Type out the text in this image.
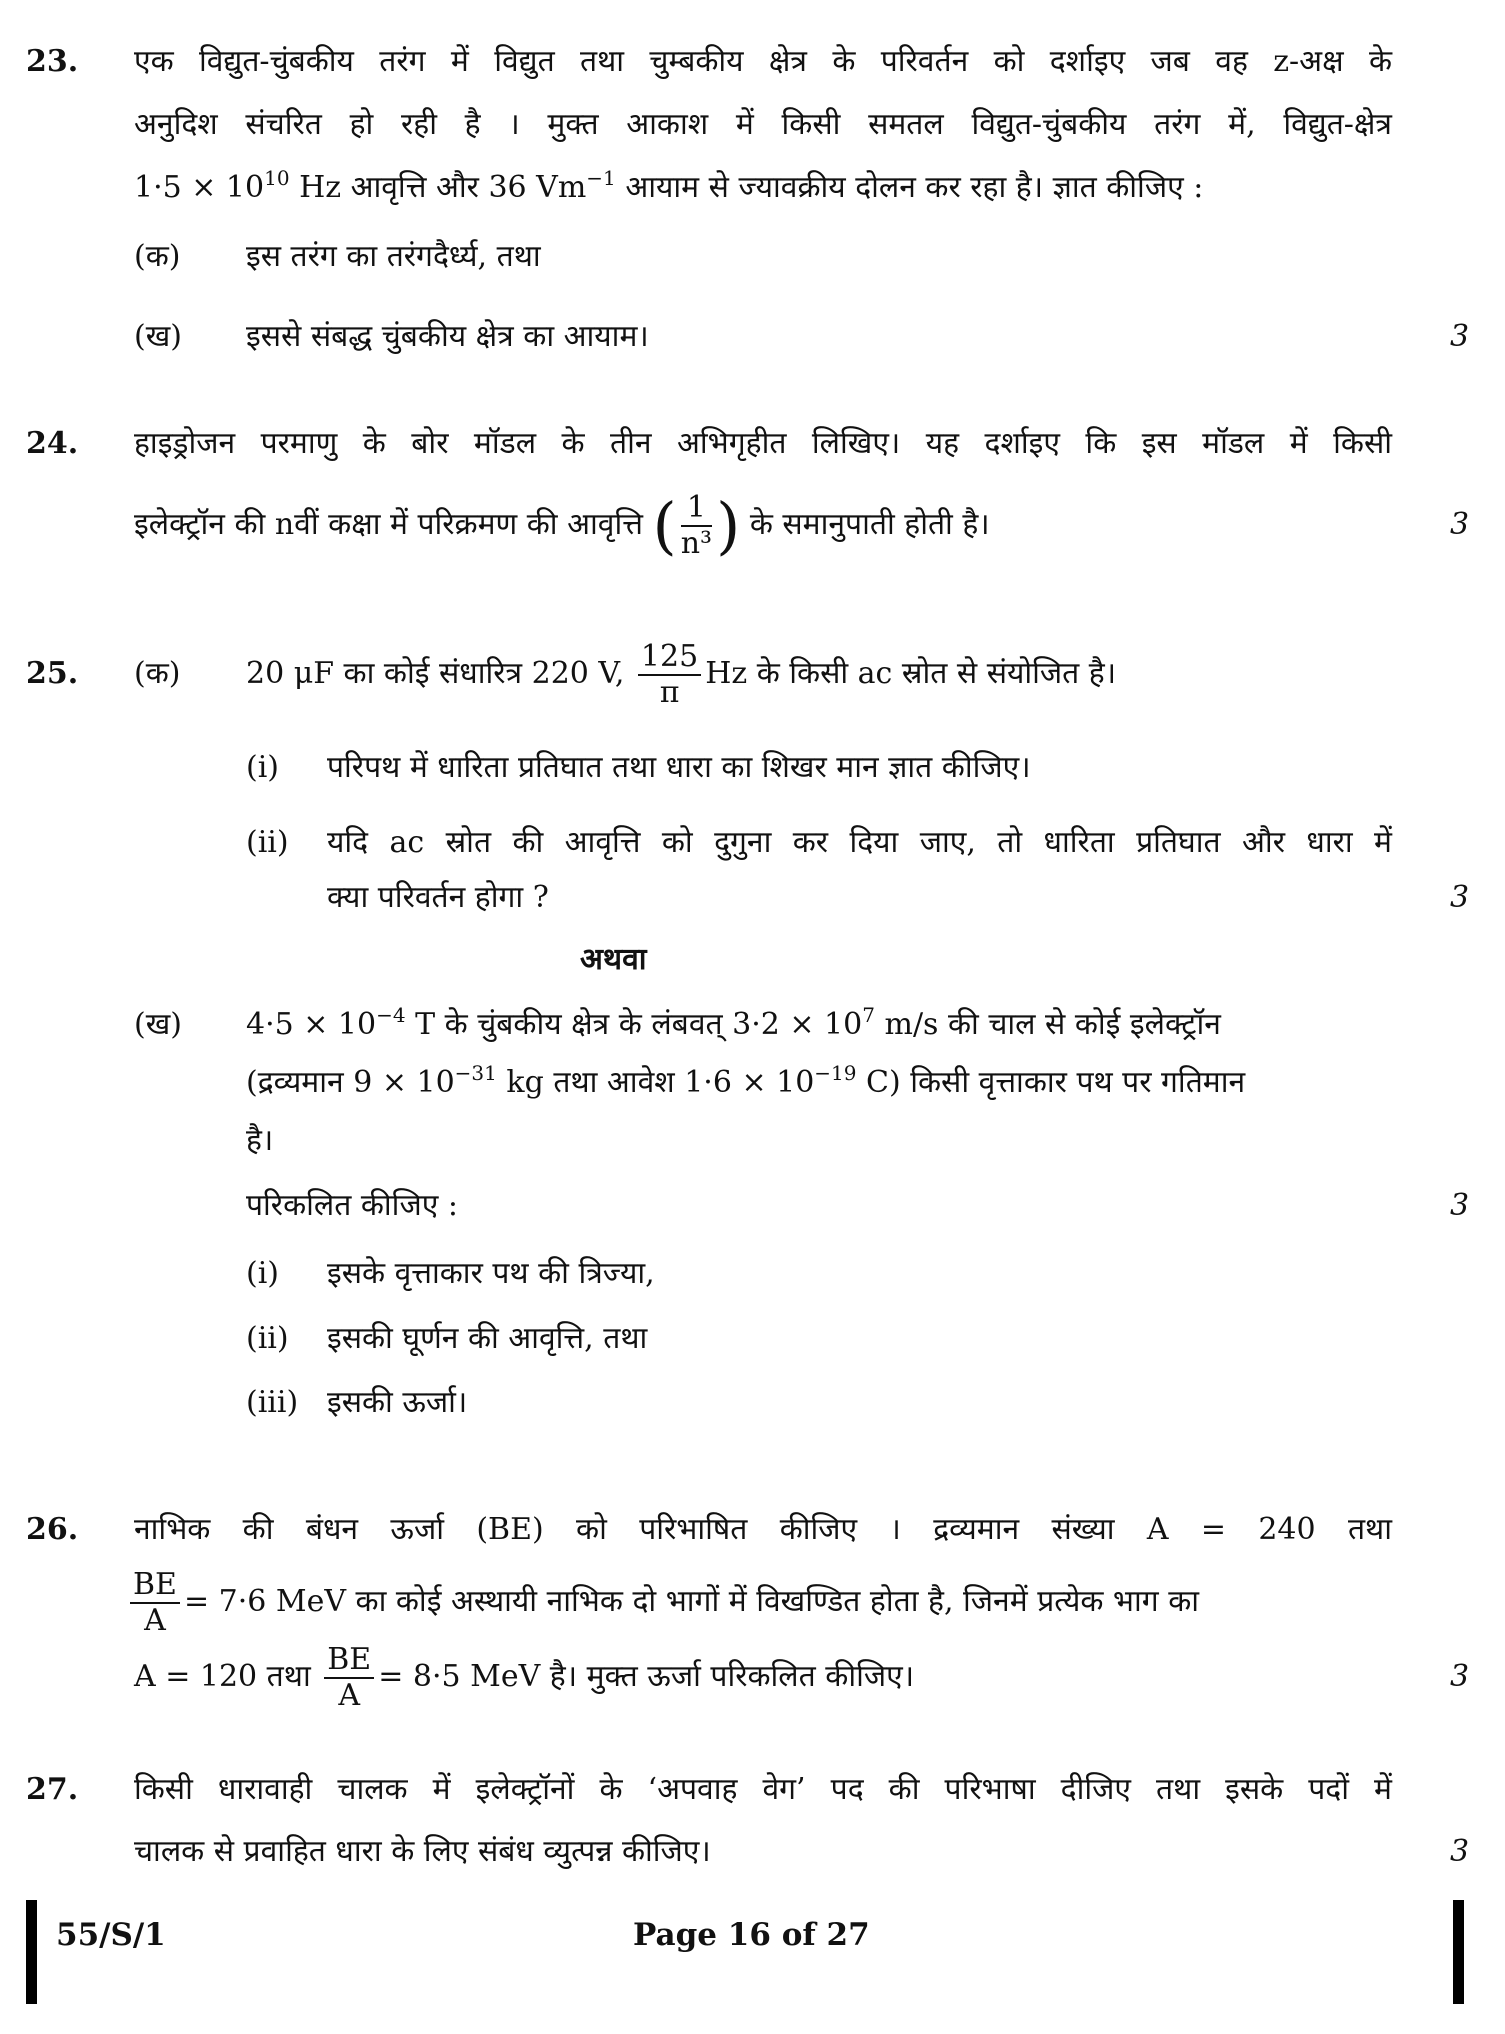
23. एक विद्युत-चुंबकीय तरंग में विद्युत तथा चुम्बकीय क्षेत्र के परिवर्तन को दर्शाइए जब वह z-अक्ष के
अनुदिश संचरित हो रही है । मुक्त आकाश में किसी समतल विद्युत-चुंबकीय तरंग में, विद्युत-क्षेत्र
$1\cdot 5 \times 10^{10}$ Hz आवृत्ति और 36 $Vm^{-1}$ आयाम से ज्यावक्रीय दोलन कर रहा है। ज्ञात कीजिए :
(क) इस तरंग का तरंगदैर्ध्य, तथा
(ख) इससे संबद्ध चुंबकीय क्षेत्र का आयाम।	3
24. हाइड्रोजन परमाणु के बोर मॉडल के तीन अभिगृहीत लिखिए। यह दर्शाइए कि इस मॉडल में किसी
इलेक्ट्रॉन की nवीं कक्षा में परिक्रमण की आवृत्ति ( $\frac{1}{\text{n³}}$ ) के समानुपाती होती है।	3
25. (क) 20 μF का कोई संधारित्र 220 V, $\frac{125}{\pi}$ Hz के किसी ac स्रोत से संयोजित है।
(i) परिपथ में धारिता प्रतिघात तथा धारा का शिखर मान ज्ञात कीजिए।
(ii) यदि ac स्रोत की आवृत्ति को दुगुना कर दिया जाए, तो धारिता प्रतिघात और धारा में
क्या परिवर्तन होगा ?	3
अथवा
(ख) $4\cdot 5 \times 10^{-4}$ T के चुंबकीय क्षेत्र के लंबवत् $3\cdot 2 \times 10^7$ m/s की चाल से कोई इलेक्ट्रॉन
(द्रव्यमान $9 \times 10^{-31}$ kg तथा आवेश $1\cdot 6 \times 10^{-19}$ C) किसी वृत्ताकार पथ पर गतिमान
है।
परिकलित कीजिए :	3
(i) इसके वृत्ताकार पथ की त्रिज्या,
(ii) इसकी घूर्णन की आवृत्ति, तथा
(iii) इसकी ऊर्जा।
26. नाभिक की बंधन ऊर्जा (BE) को परिभाषित कीजिए । द्रव्यमान संख्या A = 240 तथा
$\frac{BE}{A} = 7\cdot 6$ MeV का कोई अस्थायी नाभिक दो भागों में विखण्डित होता है, जिनमें प्रत्येक भाग का
A = 120 तथा $\frac{BE}{A} = 8\cdot 5$ MeV है। मुक्त ऊर्जा परिकलित कीजिए।	3
27. किसी धारावाही चालक में इलेक्ट्रॉनों के ‘अपवाह वेग’ पद की परिभाषा दीजिए तथा इसके पदों में
चालक से प्रवाहित धारा के लिए संबंध व्युत्पन्न कीजिए।	3
55/S/1	Page 16 of 27
